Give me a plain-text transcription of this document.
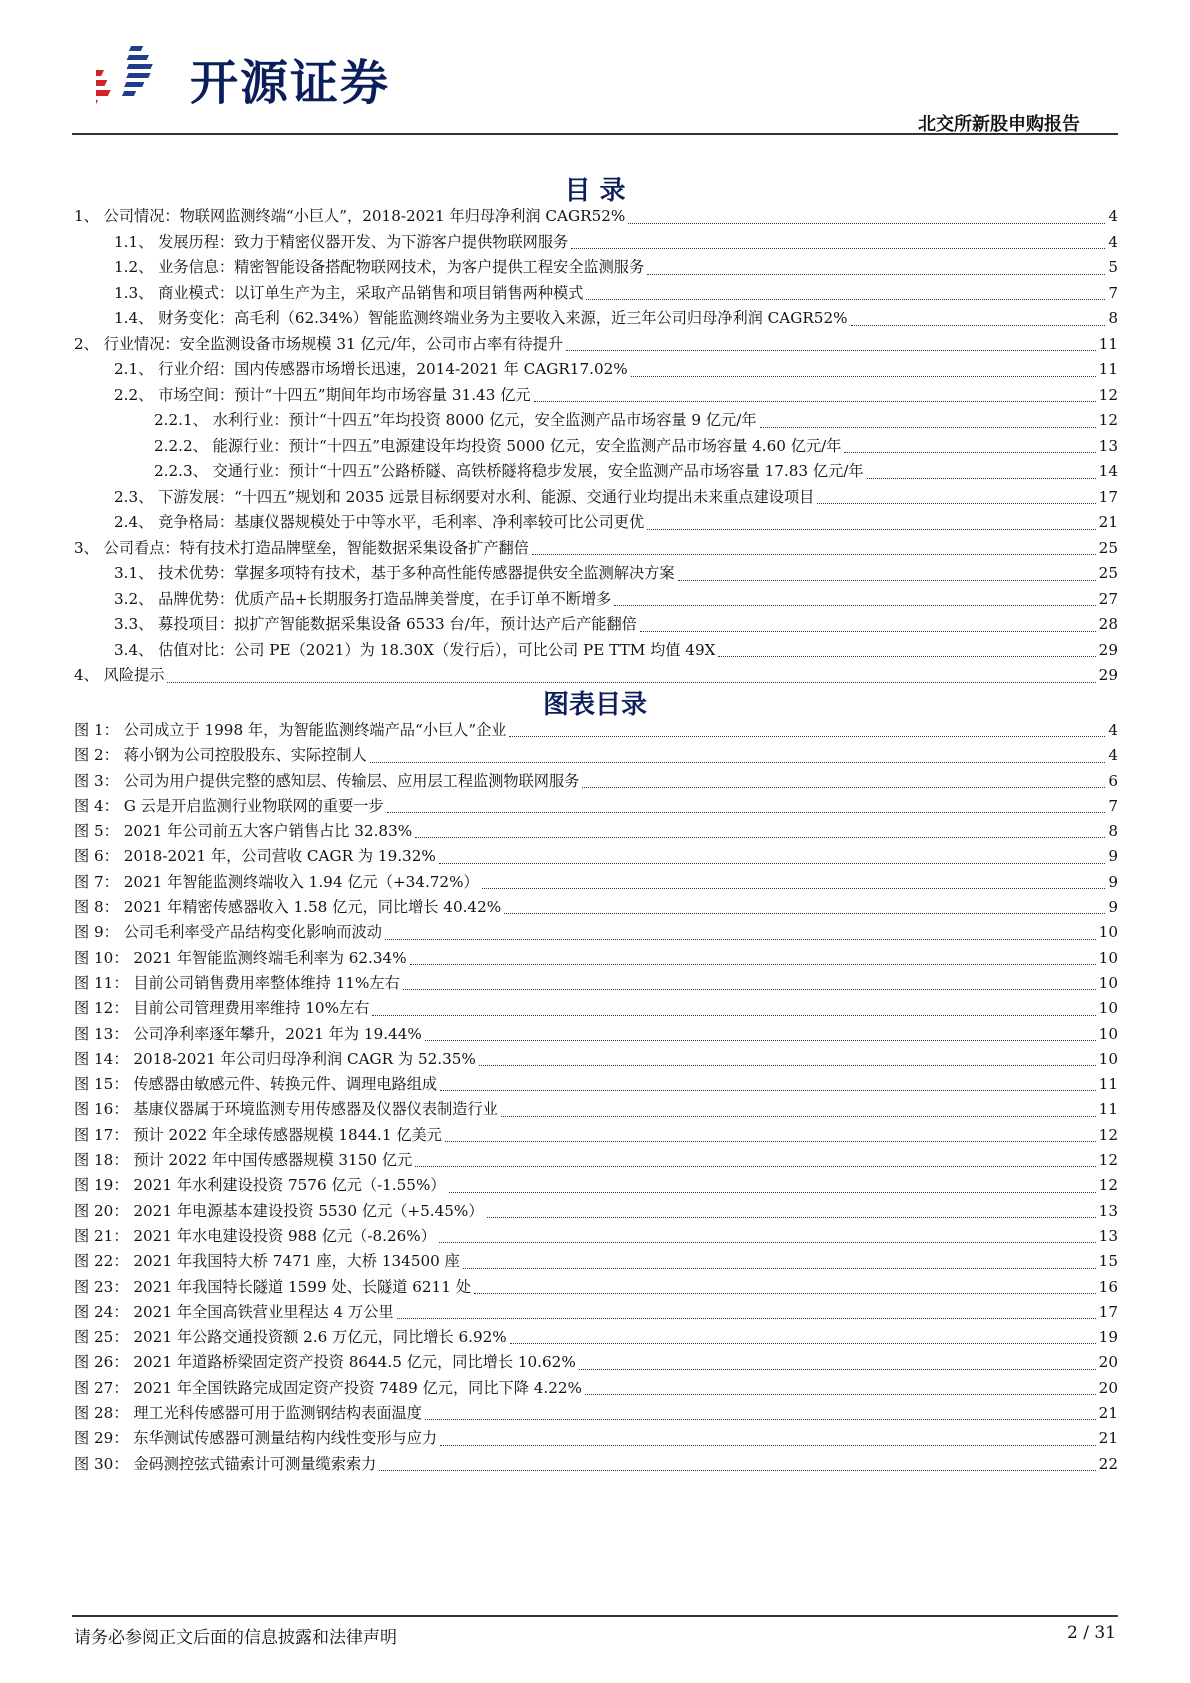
开源证券
北交所新股申购报告
目 录
1、 公司情况：物联网监测终端“小巨人”，2018-2021 年归母净利润 CAGR52%	4
1.1、 发展历程：致力于精密仪器开发、为下游客户提供物联网服务	4
1.2、 业务信息：精密智能设备搭配物联网技术，为客户提供工程安全监测服务	5
1.3、 商业模式：以订单生产为主，采取产品销售和项目销售两种模式	7
1.4、 财务变化：高毛利（62.34%）智能监测终端业务为主要收入来源，近三年公司归母净利润 CAGR52%	8
2、 行业情况：安全监测设备市场规模 31 亿元/年，公司市占率有待提升	11
2.1、 行业介绍：国内传感器市场增长迅速，2014-2021 年 CAGR17.02%	11
2.2、 市场空间：预计“十四五”期间年均市场容量 31.43 亿元	12
2.2.1、 水利行业：预计“十四五”年均投资 8000 亿元，安全监测产品市场容量 9 亿元/年	12
2.2.2、 能源行业：预计“十四五”电源建设年均投资 5000 亿元，安全监测产品市场容量 4.60 亿元/年	13
2.2.3、 交通行业：预计“十四五”公路桥隧、高铁桥隧将稳步发展，安全监测产品市场容量 17.83 亿元/年	14
2.3、 下游发展：“十四五”规划和 2035 远景目标纲要对水利、能源、交通行业均提出未来重点建设项目	17
2.4、 竞争格局：基康仪器规模处于中等水平，毛利率、净利率较可比公司更优	21
3、 公司看点：特有技术打造品牌壁垒，智能数据采集设备扩产翻倍	25
3.1、 技术优势：掌握多项特有技术，基于多种高性能传感器提供安全监测解决方案	25
3.2、 品牌优势：优质产品+长期服务打造品牌美誉度，在手订单不断增多	27
3.3、 募投项目：拟扩产智能数据采集设备 6533 台/年，预计达产后产能翻倍	28
3.4、 估值对比：公司 PE（2021）为 18.30X（发行后），可比公司 PE TTM 均值 49X	29
4、 风险提示	29
图表目录
图 1： 公司成立于 1998 年，为智能监测终端产品“小巨人”企业	4
图 2： 蒋小钢为公司控股股东、实际控制人	4
图 3： 公司为用户提供完整的感知层、传输层、应用层工程监测物联网服务	6
图 4： G 云是开启监测行业物联网的重要一步	7
图 5： 2021 年公司前五大客户销售占比 32.83%	8
图 6： 2018-2021 年，公司营收 CAGR 为 19.32%	9
图 7： 2021 年智能监测终端收入 1.94 亿元（+34.72%）	9
图 8： 2021 年精密传感器收入 1.58 亿元，同比增长 40.42%	9
图 9： 公司毛利率受产品结构变化影响而波动	10
图 10： 2021 年智能监测终端毛利率为 62.34%	10
图 11： 目前公司销售费用率整体维持 11%左右	10
图 12： 目前公司管理费用率维持 10%左右	10
图 13： 公司净利率逐年攀升，2021 年为 19.44%	10
图 14： 2018-2021 年公司归母净利润 CAGR 为 52.35%	10
图 15： 传感器由敏感元件、转换元件、调理电路组成	11
图 16： 基康仪器属于环境监测专用传感器及仪器仪表制造行业	11
图 17： 预计 2022 年全球传感器规模 1844.1 亿美元	12
图 18： 预计 2022 年中国传感器规模 3150 亿元	12
图 19： 2021 年水利建设投资 7576 亿元（-1.55%）	12
图 20： 2021 年电源基本建设投资 5530 亿元（+5.45%）	13
图 21： 2021 年水电建设投资 988 亿元（-8.26%）	13
图 22： 2021 年我国特大桥 7471 座，大桥 134500 座	15
图 23： 2021 年我国特长隧道 1599 处、长隧道 6211 处	16
图 24： 2021 年全国高铁营业里程达 4 万公里	17
图 25： 2021 年公路交通投资额 2.6 万亿元，同比增长 6.92%	19
图 26： 2021 年道路桥梁固定资产投资 8644.5 亿元，同比增长 10.62%	20
图 27： 2021 年全国铁路完成固定资产投资 7489 亿元，同比下降 4.22%	20
图 28： 理工光科传感器可用于监测钢结构表面温度	21
图 29： 东华测试传感器可测量结构内线性变形与应力	21
图 30： 金码测控弦式锚索计可测量缆索索力	22
请务必参阅正文后面的信息披露和法律声明	2 / 31
